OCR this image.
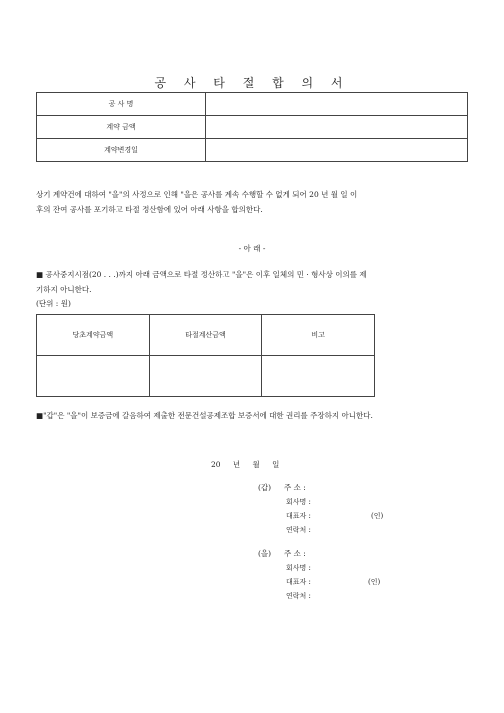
공 사 타 절 합 의 서
공 사 명	
계약 금액	
계약변경일	
상기 계약건에 대하여 "을"의 사정으로 인해 "을은 공사를 계속 수행할 수 없게 되어 20 년 월 일 이
후의 잔여 공사를 포기하고 타절 정산함에 있어 아래 사항을 합의한다.
- 아 래 -
■ 공사중지시점(20 . . .)까지 아래 금액으로 타절 정산하고 "을"은 이후 일체의 민 · 형사상 이의를 제
기하지 아니한다.
(단위 : 원)
당초계약금액	타절계산금액	비고

■"갑"은 "을"이 보증금에 갈음하여 제출한 전문건설공제조합 보증서에 대한 권리를 주장하지 아니한다.
20 년 월 일
(갑) 주 소 :
회사명 :
대표자 :	(인)
연락처 :
(을) 주 소 :
회사명 :
대표자 :	(인)
연락처 :
